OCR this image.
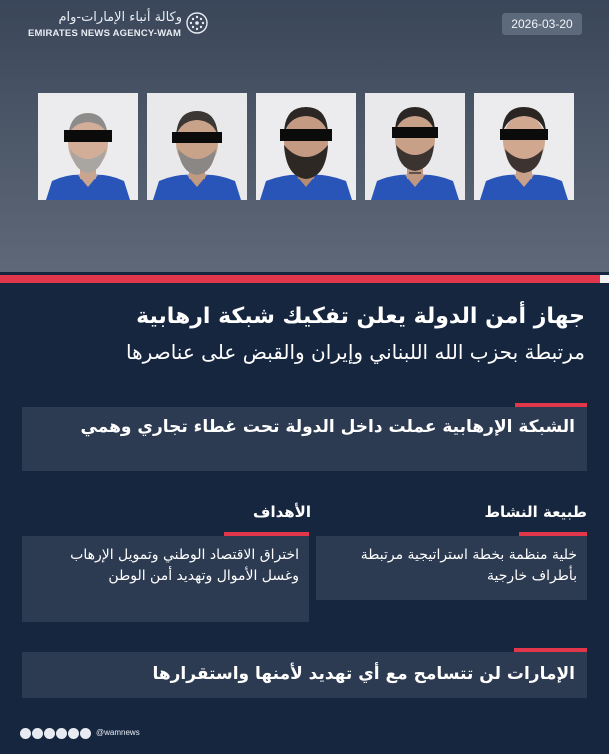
وكالة أنباء الإمارات-وام
EMIRATES NEWS AGENCY-WAM
2026-03-20
جهاز أمن الدولة يعلن تفكيك شبكة ارهابية
مرتبطة بحزب الله اللبناني وإيران والقبض على عناصرها
الشبكة الإرهابية عملت داخل الدولة تحت غطاء تجاري وهمي
طبيعة النشاط
خلية منظمة بخطة استراتيجية مرتبطة بأطراف خارجية
الأهداف
اختراق الاقتصاد الوطني وتمويل الإرهاب وغسل الأموال وتهديد أمن الوطن
الإمارات لن تتسامح مع أي تهديد لأمنها واستقرارها
@wamnews
